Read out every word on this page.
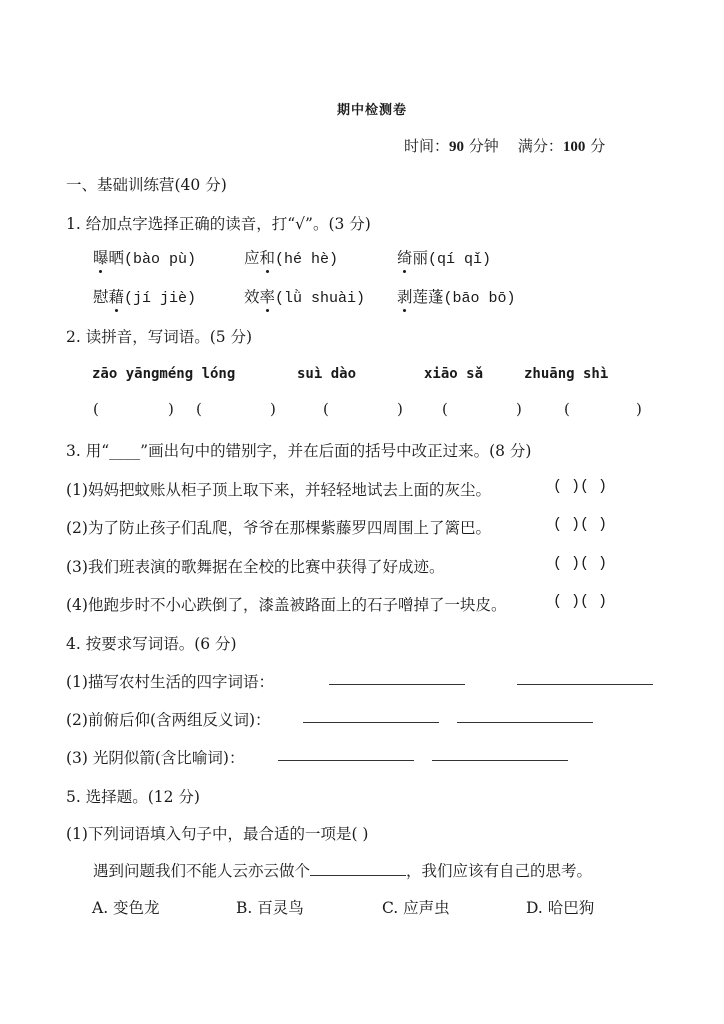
期中检测卷
时间：90 分钟 满分：100 分
一、基础训练营(40 分)
1. 给加点字选择正确的读音，打“√”。(3 分)
曝晒(bào pù)	应和(hé hè)	绮丽(qí qǐ)
慰藉(jí jiè)	效率(lǜ shuài) 剥莲蓬(bāo bō)
2. 读拼音，写词语。(5 分)
zāo yāngméng lóng	suì dào	xiāo sǎ	zhuāng shì
(	) (	)	(	)	(	)	(	)
3. 用“____”画出句中的错别字，并在后面的括号中改正过来。(8 分)
(1)妈妈把蚊账从柜子顶上取下来，并轻轻地试去上面的灰尘。	( )( )
(2)为了防止孩子们乱爬，爷爷在那棵紫藤罗四周围上了篱巴。	( )( )
(3)我们班表演的歌舞据在全校的比赛中获得了好成迹。	( )( )
(4)他跑步时不小心跌倒了，漆盖被路面上的石子噌掉了一块皮。	( )( )
4. 按要求写词语。(6 分)
(1)描写农村生活的四字词语：
(2)前俯后仰(含两组反义词)：
(3) 光阴似箭(含比喻词)：
5. 选择题。(12 分)
(1)下列词语填入句子中，最合适的一项是( )
遇到问题我们不能人云亦云做个	，我们应该有自己的思考。
A. 变色龙	B. 百灵鸟	C. 应声虫	D. 哈巴狗
